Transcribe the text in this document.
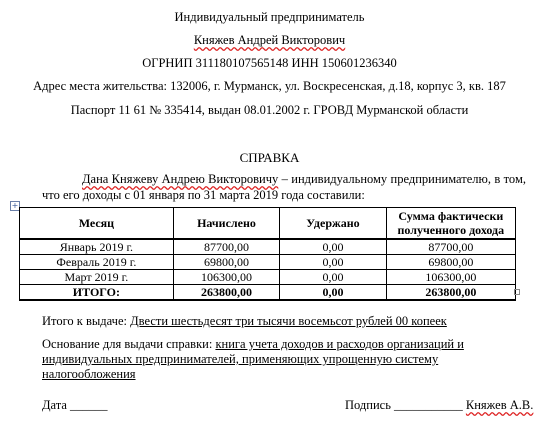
Индивидуальный предприниматель
Княжев Андрей Викторович
ОГРНИП 311180107565148 ИНН 150601236340
Адрес места жительства: 132006, г. Мурманск, ул. Воскресенская, д.18, корпус 3, кв. 187
Паспорт 11 61 № 335414, выдан 08.01.2002 г. ГРОВД Мурманской области
СПРАВКА
Дана Княжеву Андрею Викторовичу – индивидуальному предпринимателю, в том, что его доходы с 01 января по 31 марта 2019 года составили:
+
Месяц	Начислено	Удержано	Сумма фактически полученного дохода
Январь 2019 г.	87700,00	0,00	87700,00
Февраль 2019 г.	69800,00	0,00	69800,00
Март 2019 г.	106300,00	0,00	106300,00
ИТОГО:	263800,00	0,00	263800,00
Итого к выдаче: Двести шестьдесят три тысячи восемьсот рублей 00 копеек
Основание для выдачи справки: книга учета доходов и расходов организаций и индивидуальных предпринимателей, применяющих упрощенную систему налогообложения
Дата ______	Подпись ___________ Княжев А.В.
